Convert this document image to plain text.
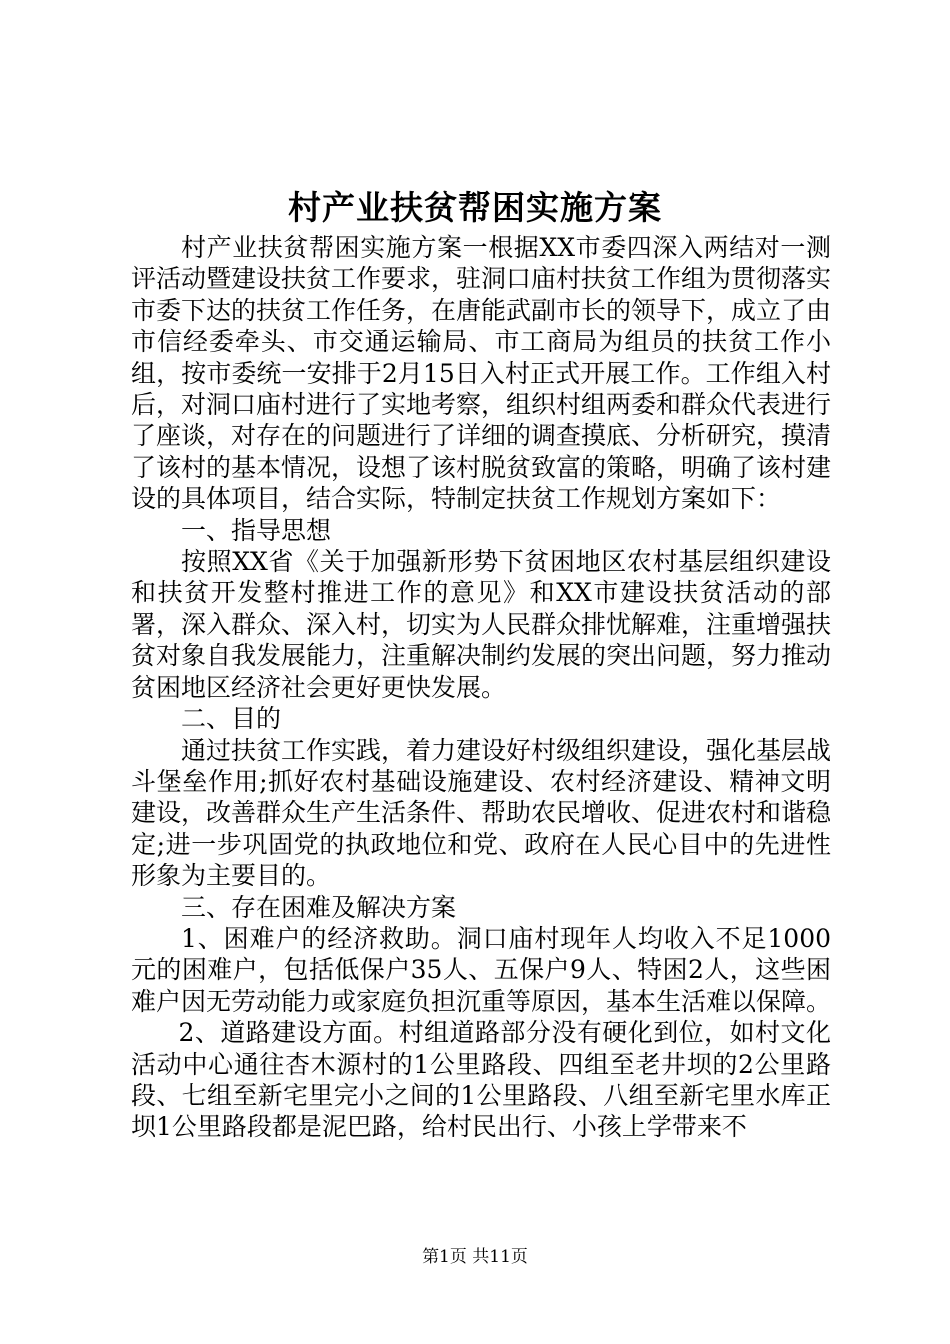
村产业扶贫帮困实施方案

村产业扶贫帮困实施方案一根据XX市委四深入两结对一测评活动暨建设扶贫工作要求，驻洞口庙村扶贫工作组为贯彻落实市委下达的扶贫工作任务，在唐能武副市长的领导下，成立了由市信经委牵头、市交通运输局、市工商局为组员的扶贫工作小组，按市委统一安排于2月15日入村正式开展工作。工作组入村后，对洞口庙村进行了实地考察，组织村组两委和群众代表进行了座谈，对存在的问题进行了详细的调查摸底、分析研究，摸清了该村的基本情况，设想了该村脱贫致富的策略，明确了该村建设的具体项目，结合实际，特制定扶贫工作规划方案如下：

一、指导思想

按照XX省《关于加强新形势下贫困地区农村基层组织建设和扶贫开发整村推进工作的意见》和XX市建设扶贫活动的部署，深入群众、深入村，切实为人民群众排忧解难，注重增强扶贫对象自我发展能力，注重解决制约发展的突出问题，努力推动贫困地区经济社会更好更快发展。

二、目的

通过扶贫工作实践，着力建设好村级组织建设，强化基层战斗堡垒作用;抓好农村基础设施建设、农村经济建设、精神文明建设，改善群众生产生活条件、帮助农民增收、促进农村和谐稳定;进一步巩固党的执政地位和党、政府在人民心目中的先进性形象为主要目的。

三、存在困难及解决方案

1、困难户的经济救助。洞口庙村现年人均收入不足1000元的困难户，包括低保户35人、五保户9人、特困2人，这些困难户因无劳动能力或家庭负担沉重等原因，基本生活难以保障。

2、道路建设方面。村组道路部分没有硬化到位，如村文化活动中心通往杏木源村的1公里路段、四组至老井坝的2公里路段、七组至新宅里完小之间的1公里路段、八组至新宅里水库正坝1公里路段都是泥巴路，给村民出行、小孩上学带来不

第1页 共11页
